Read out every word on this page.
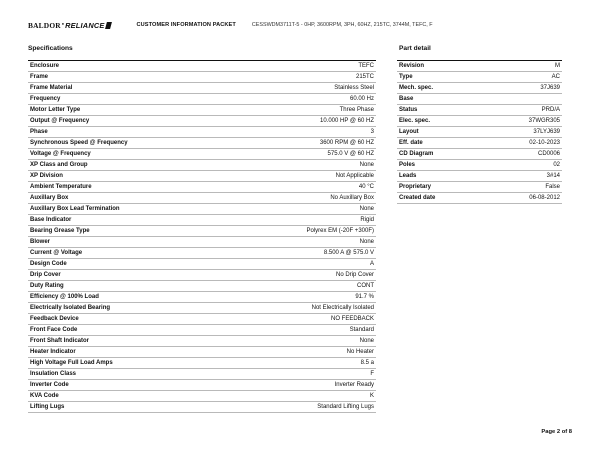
BALDOR • RELIANCE	CUSTOMER INFORMATION PACKET	CESSWDM3711T-5 - 0HP, 3600RPM, 3PH, 60HZ, 215TC, 3744M, TEFC, F
Specifications
Enclosure	TEFC
Frame	215TC
Frame Material	Stainless Steel
Frequency	60.00 Hz
Motor Letter Type	Three Phase
Output @ Frequency	10.000 HP @ 60 HZ
Phase	3
Synchronous Speed @ Frequency	3600 RPM @ 60 HZ
Voltage @ Frequency	575.0 V @ 60 HZ
XP Class and Group	None
XP Division	Not Applicable
Ambient Temperature	40 °C
Auxillary Box	No Auxillary Box
Auxillary Box Lead Termination	None
Base Indicator	Rigid
Bearing Grease Type	Polyrex EM (-20F +300F)
Blower	None
Current @ Voltage	8.500 A @ 575.0 V
Design Code	A
Drip Cover	No Drip Cover
Duty Rating	CONT
Efficiency @ 100% Load	91.7 %
Electrically Isolated Bearing	Not Electrically Isolated
Feedback Device	NO FEEDBACK
Front Face Code	Standard
Front Shaft Indicator	None
Heater Indicator	No Heater
High Voltage Full Load Amps	8.5 a
Insulation Class	F
Inverter Code	Inverter Ready
KVA Code	K
Lifting Lugs	Standard Lifting Lugs
Part detail
Revision	M
Type	AC
Mech. spec.	37J639
Base	
Status	PRD/A
Elec. spec.	37WGR305
Layout	37LYJ639
Eff. date	02-10-2023
CD Diagram	CD0006
Poles	02
Leads	3#14
Proprietary	False
Created date	06-08-2012
Page 2 of 8
